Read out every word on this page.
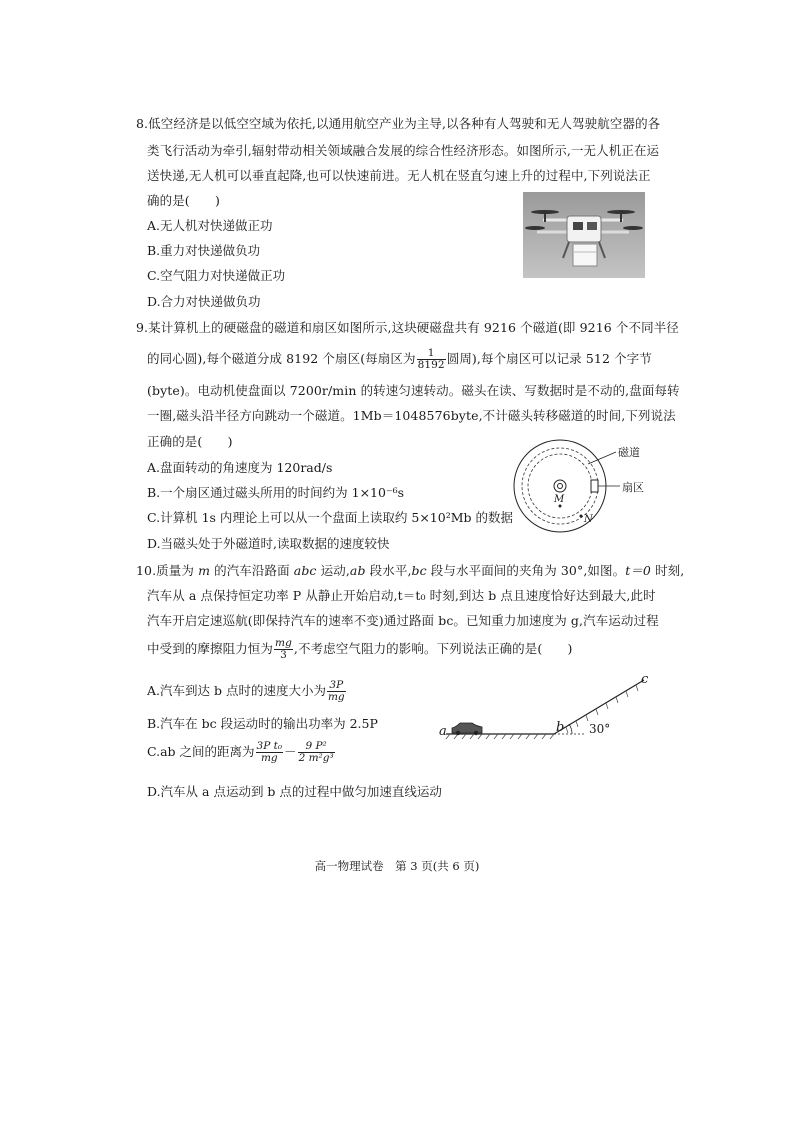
8.低空经济是以低空空域为依托,以通用航空产业为主导,以各种有人驾驶和无人驾驶航空器的各
类飞行活动为牵引,辐射带动相关领域融合发展的综合性经济形态。如图所示,一无人机正在运
送快递,无人机可以垂直起降,也可以快速前进。无人机在竖直匀速上升的过程中,下列说法正
确的是(　　)
A.无人机对快递做正功
B.重力对快递做负功
C.空气阻力对快递做正功
D.合力对快递做负功
9.某计算机上的硬磁盘的磁道和扇区如图所示,这块硬磁盘共有 9216 个磁道(即 9216 个不同半径
的同心圆),每个磁道分成 8192 个扇区(每扇区为 $\frac{1}{8192}$ 圆周),每个扇区可以记录 512 个字节
(byte)。电动机使盘面以 7200r/min 的转速匀速转动。磁头在读、写数据时是不动的,盘面每转
一圈,磁头沿半径方向跳动一个磁道。1Mb＝1048576byte,不计磁头转移磁道的时间,下列说法
正确的是(　　)
A.盘面转动的角速度为 120rad/s
B.一个扇区通过磁头所用的时间约为 1×10⁻⁶s
C.计算机 1s 内理论上可以从一个盘面上读取约 5×10²Mb 的数据
D.当磁头处于外磁道时,读取数据的速度较快
磁道
扇区
M
N
10.质量为 m 的汽车沿路面 abc 运动,ab 段水平,bc 段与水平面间的夹角为 30°,如图。t＝0 时刻,
汽车从 a 点保持恒定功率 P 从静止开始启动,t＝t₀ 时刻,到达 b 点且速度恰好达到最大,此时
汽车开启定速巡航(即保持汽车的速率不变)通过路面 bc。已知重力加速度为 g,汽车运动过程
中受到的摩擦阻力恒为 $\frac{mg}{3}$ ,不考虑空气阻力的影响。下列说法正确的是(　　)
A.汽车到达 b 点时的速度大小为 $\frac{3P}{mg}$
B.汽车在 bc 段运动时的输出功率为 2.5P
C.ab 之间的距离为 $\frac{\text{3P t₀}}{mg} - \frac{\text{9 P²}}{\text{2 m²g³}}$
D.汽车从 a 点运动到 b 点的过程中做匀加速直线运动
a	b
c
30°
高一物理试卷　第 3 页(共 6 页)
